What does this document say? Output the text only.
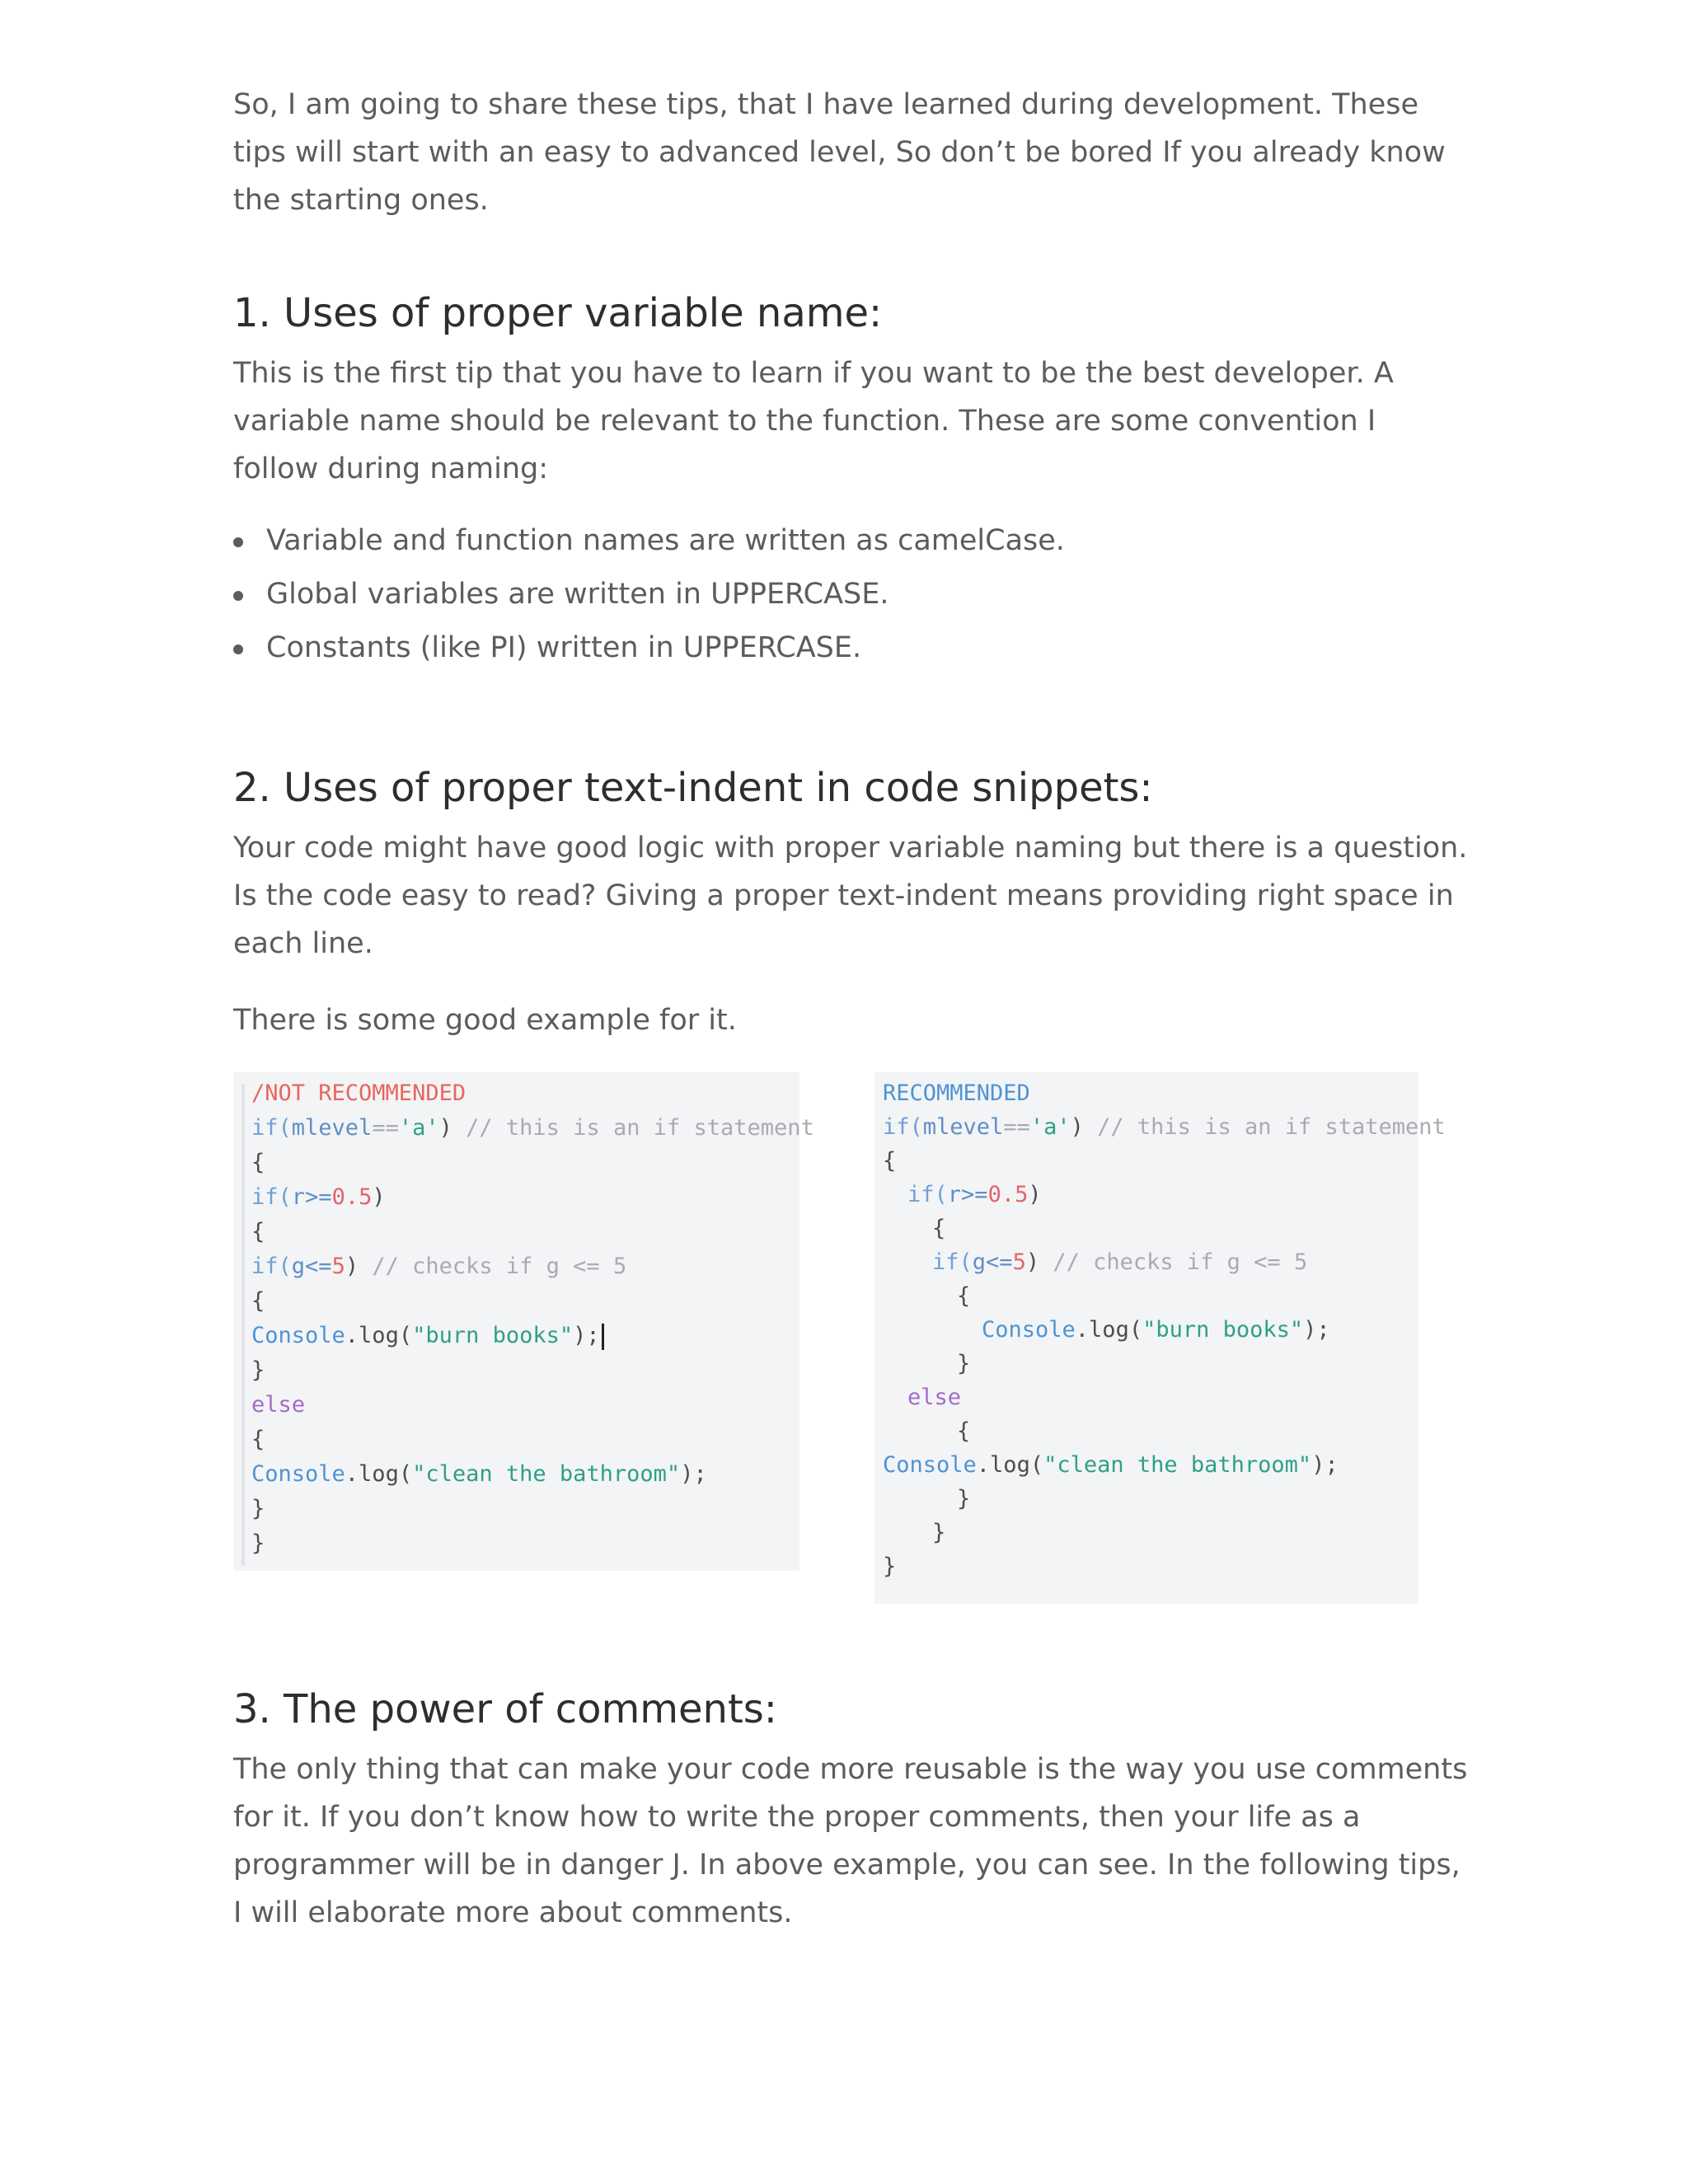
So, I am going to share these tips, that I have learned during development. These tips will start with an easy to advanced level, So don’t be bored If you already know the starting ones.

1. Uses of proper variable name:

This is the first tip that you have to learn if you want to be the best developer. A variable name should be relevant to the function. These are some convention I follow during naming:

Variable and function names are written as camelCase.
Global variables are written in UPPERCASE.
Constants (like PI) written in UPPERCASE.
2. Uses of proper text-indent in code snippets:

Your code might have good logic with proper variable naming but there is a question. Is the code easy to read? Giving a proper text-indent means providing right space in each line.

There is some good example for it.

/NOT RECOMMENDED

if(mlevel=='a') // this is an if statement

{

if(r>=0.5)

{

if(g<=5) // checks if g <= 5

{

Console.log("burn books");

}

else

{

Console.log("clean the bathroom");

}

}

RECOMMENDED

if(mlevel=='a') // this is an if statement

{

if(r>=0.5)

{

if(g<=5) // checks if g <= 5

{

Console.log("burn books");

}

else

{

Console.log("clean the bathroom");

}

}

}

3. The power of comments:

The only thing that can make your code more reusable is the way you use comments for it. If you don’t know how to write the proper comments, then your life as a programmer will be in danger J. In above example, you can see. In the following tips, I will elaborate more about comments.
